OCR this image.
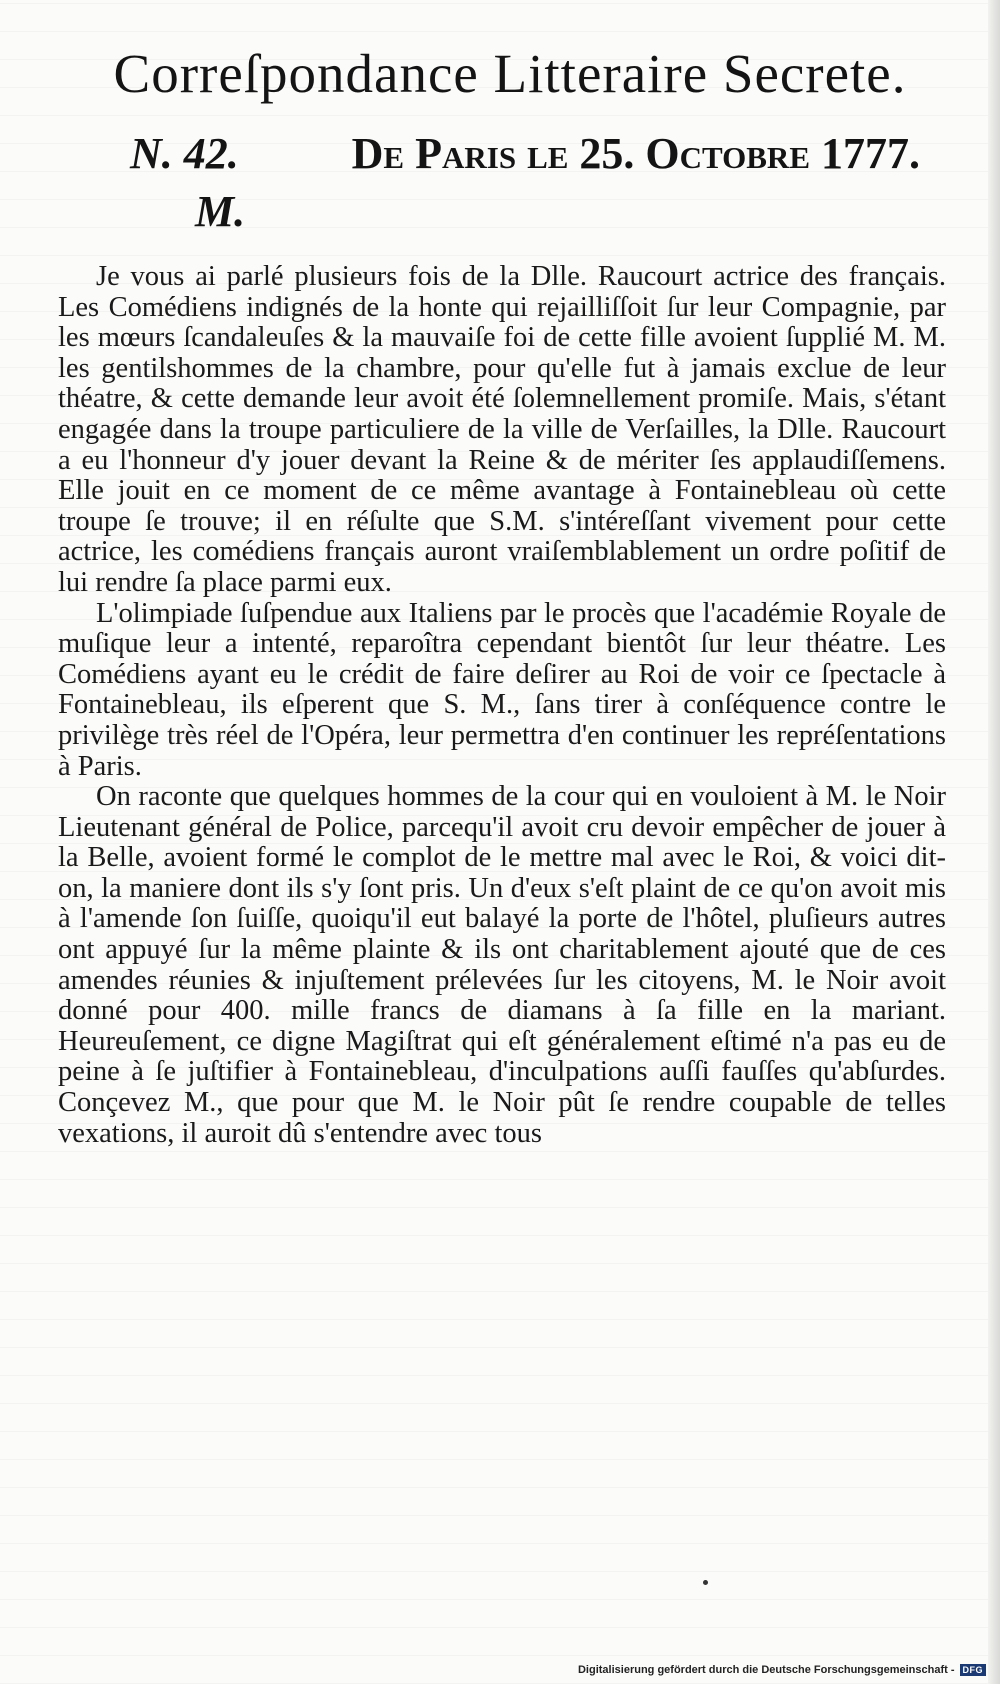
Correſpondance Litteraire Secrete.
N. 42.	De Paris le 25. Octobre 1777.
M.

Je vous ai parlé plusieurs fois de la Dlle. Raucourt actrice des français. Les Comédiens indignés de la honte qui rejailliſſoit ſur leur Compagnie, par les mœurs ſcandaleuſes & la mauvaiſe foi de cette fille avoient ſupplié M. M. les gentilshommes de la chambre, pour qu'elle fut à jamais exclue de leur théatre, & cette demande leur avoit été ſolemnellement promiſe. Mais, s'étant engagée dans la troupe particuliere de la ville de Verſailles, la Dlle. Raucourt a eu l'honneur d'y jouer devant la Reine & de mériter ſes applaudiſſemens. Elle jouit en ce moment de ce même avantage à Fontainebleau où cette troupe ſe trouve; il en réſulte que S.M. s'intéreſſant vivement pour cette actrice, les comédiens français auront vraiſemblablement un ordre poſitif de lui rendre ſa place parmi eux.

L'olimpiade ſuſpendue aux Italiens par le procès que l'académie Royale de muſique leur a intenté, reparoîtra cependant bientôt ſur leur théatre. Les Comédiens ayant eu le crédit de faire deſirer au Roi de voir ce ſpectacle à Fontainebleau, ils eſperent que S. M., ſans tirer à conſéquence contre le privilège très réel de l'Opéra, leur permettra d'en continuer les repréſentations à Paris.

On raconte que quelques hommes de la cour qui en vouloient à M. le Noir Lieutenant général de Police, parcequ'il avoit cru devoir empêcher de jouer à la Belle, avoient formé le complot de le mettre mal avec le Roi, & voici dit-on, la maniere dont ils s'y ſont pris. Un d'eux s'eſt plaint de ce qu'on avoit mis à l'amende ſon ſuiſſe, quoiqu'il eut balayé la porte de l'hôtel, pluſieurs autres ont appuyé ſur la même plainte & ils ont charitablement ajouté que de ces amendes réunies & injuſtement prélevées ſur les citoyens, M. le Noir avoit donné pour 400. mille francs de diamans à ſa fille en la mariant. Heureuſement, ce digne Magiſtrat qui eſt généralement eſtimé n'a pas eu de peine à ſe juſtifier à Fontainebleau, d'inculpations auſſi fauſſes qu'abſurdes. Conçevez M., que pour que M. le Noir pût ſe rendre coupable de telles vexations, il auroit dû s'entendre avec tous

Digitalisierung gefördert durch die Deutsche Forschungsgemeinschaft - DFG
